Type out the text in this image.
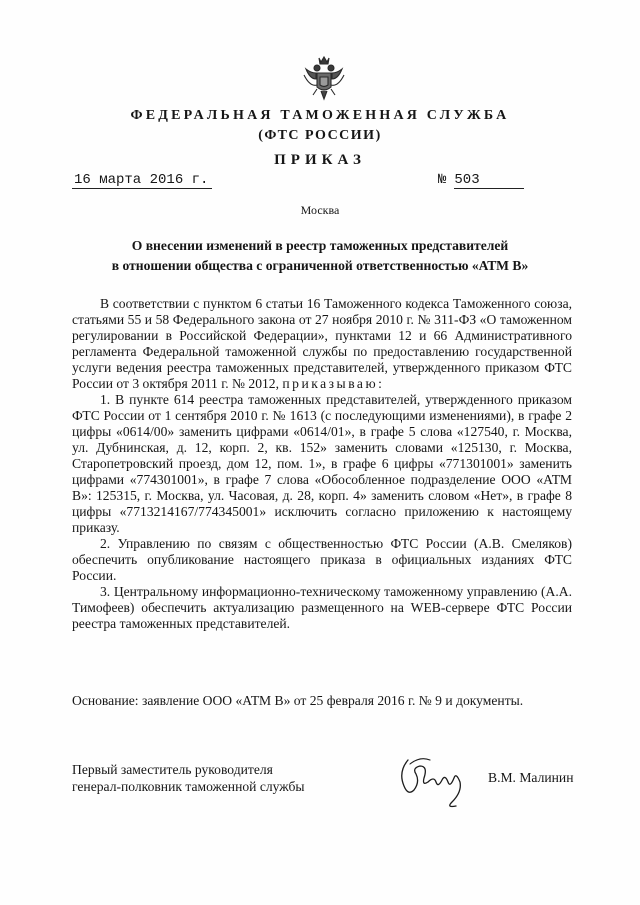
ФЕДЕРАЛЬНАЯ ТАМОЖЕННАЯ СЛУЖБА
(ФТС РОССИИ)
ПРИКАЗ
16 марта 2016 г.	№ 503
Москва
О внесении изменений в реестр таможенных представителей
в отношении общества с ограниченной ответственностью «АТМ В»

В соответствии с пунктом 6 статьи 16 Таможенного кодекса Таможенного союза, статьями 55 и 58 Федерального закона от 27 ноября 2010 г. № 311-ФЗ «О таможенном регулировании в Российской Федерации», пунктами 12 и 66 Административного регламента Федеральной таможенной службы по предоставлению государственной услуги ведения реестра таможенных представителей, утвержденного приказом ФТС России от 3 октября 2011 г. № 2012, приказываю:

1. В пункте 614 реестра таможенных представителей, утвержденного приказом ФТС России от 1 сентября 2010 г. № 1613 (с последующими изменениями), в графе 2 цифры «0614/00» заменить цифрами «0614/01», в графе 5 слова «127540, г. Москва, ул. Дубнинская, д. 12, корп. 2, кв. 152» заменить словами «125130, г. Москва, Старопетровский проезд, дом 12, пом. 1», в графе 6 цифры «771301001» заменить цифрами «774301001», в графе 7 слова «Обособленное подразделение ООО «АТМ В»: 125315, г. Москва, ул. Часовая, д. 28, корп. 4» заменить словом «Нет», в графе 8 цифры «7713214167/774345001» исключить согласно приложению к настоящему приказу.

2. Управлению по связям с общественностью ФТС России (А.В. Смеляков) обеспечить опубликование настоящего приказа в официальных изданиях ФТС России.

3. Центральному информационно-техническому таможенному управлению (А.А. Тимофеев) обеспечить актуализацию размещенного на WEB-сервере ФТС России реестра таможенных представителей.

Основание: заявление ООО «АТМ В» от 25 февраля 2016 г. № 9 и документы.
Первый заместитель руководителя
генерал-полковник таможенной службы
В.М. Малинин
